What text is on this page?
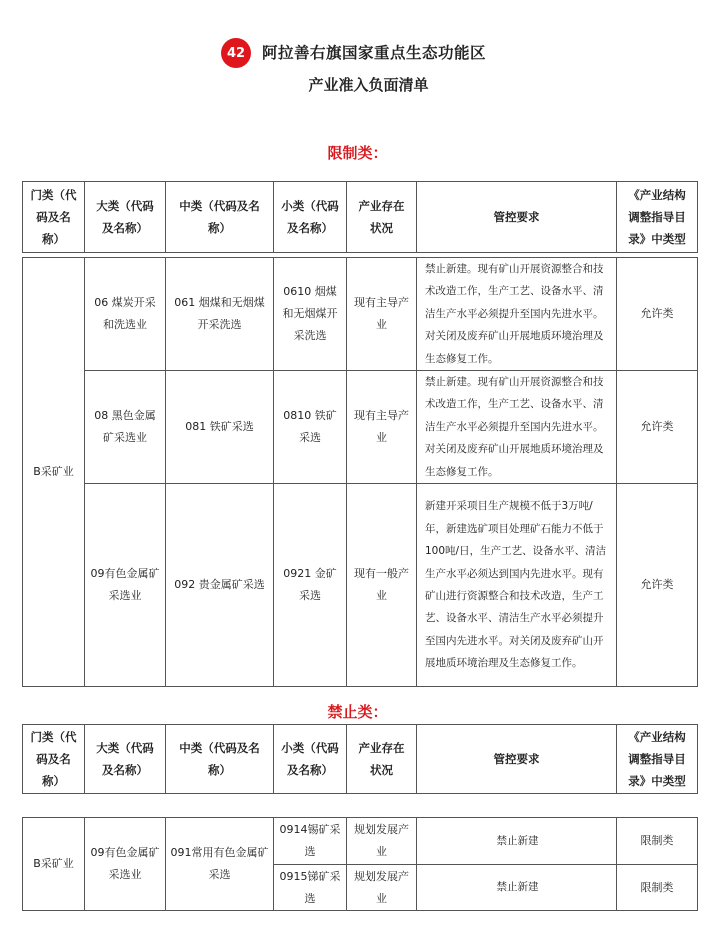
42	阿拉善右旗国家重点生态功能区
产业准入负面清单
限制类：
门类（代码及名称）	大类（代码及名称）	中类（代码及名称）	小类（代码及名称）	产业存在状况	管控要求	《产业结构调整指导目录》中类型
B采矿业	06 煤炭开采和洗选业	061 烟煤和无烟煤开采洗选	0610 烟煤和无烟煤开采洗选	现有主导产业	禁止新建。现有矿山开展资源整合和技术改造工作，生产工艺、设备水平、清洁生产水平必须提升至国内先进水平。对关闭及废弃矿山开展地质环境治理及生态修复工作。	允许类
	08 黑色金属矿采选业	081 铁矿采选	0810 铁矿采选	现有主导产业	禁止新建。现有矿山开展资源整合和技术改造工作，生产工艺、设备水平、清洁生产水平必须提升至国内先进水平。对关闭及废弃矿山开展地质环境治理及生态修复工作。	允许类
	09有色金属矿采选业	092 贵金属矿采选	0921 金矿采选	现有一般产业	新建开采项目生产规模不低于3万吨/年，新建选矿项目处理矿石能力不低于100吨/日，生产工艺、设备水平、清洁生产水平必须达到国内先进水平。现有矿山进行资源整合和技术改造，生产工艺、设备水平、清洁生产水平必须提升至国内先进水平。对关闭及废弃矿山开展地质环境治理及生态修复工作。	允许类
禁止类：
门类（代码及名称）	大类（代码及名称）	中类（代码及名称）	小类（代码及名称）	产业存在状况	管控要求	《产业结构调整指导目录》中类型
B采矿业	09有色金属矿采选业	091常用有色金属矿采选	0914锡矿采选	规划发展产业	禁止新建	限制类
			0915锑矿采选	规划发展产业	禁止新建	限制类
